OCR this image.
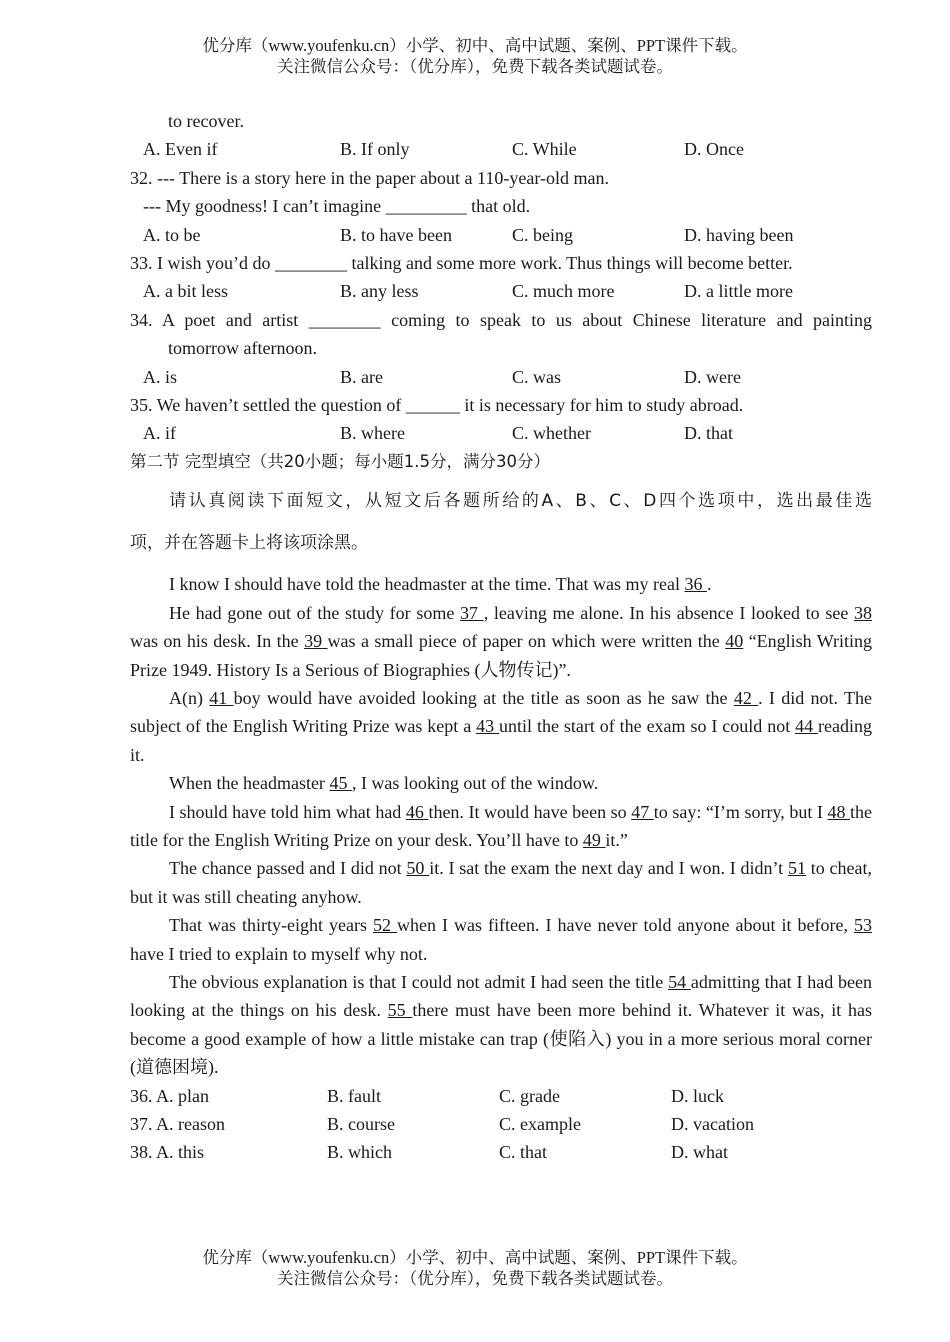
优分库（www.youfenku.cn）小学、初中、高中试题、案例、PPT课件下载。
关注微信公众号：（优分库），免费下载各类试题试卷。
to recover.
A. Even if	B. If only	C. While	D. Once
32. --- There is a story here in the paper about a 110-year-old man.
--- My goodness! I can’t imagine _________ that old.
A. to be	B. to have been	C. being	D. having been
33. I wish you’d do ________ talking and some more work. Thus things will become better.
A. a bit less	B. any less	C. much more	D. a little more
34. A poet and artist ________ coming to speak to us about Chinese literature and painting
tomorrow afternoon.
A. is	B. are	C. was	D. were
35. We haven’t settled the question of ______ it is necessary for him to study abroad.
A. if	B. where	C. whether	D. that
第二节 完型填空（共20小题；每小题1.5分，满分30分）
请认真阅读下面短文，从短文后各题所给的A、B、C、D四个选项中，选出最佳选
项，并在答题卡上将该项涂黑。
I know I should have told the headmaster at the time. That was my real 36 .
He had gone out of the study for some 37 , leaving me alone. In his absence I looked to see 38 was on his desk. In the 39 was a small piece of paper on which were written the 40 “English Writing Prize 1949. History Is a Serious of Biographies (人物传记)”.
A(n) 41 boy would have avoided looking at the title as soon as he saw the 42 . I did not. The subject of the English Writing Prize was kept a 43 until the start of the exam so I could not 44 reading it.
When the headmaster 45 , I was looking out of the window.
I should have told him what had 46 then. It would have been so 47 to say: “I’m sorry, but I 48 the title for the English Writing Prize on your desk. You’ll have to 49 it.”
The chance passed and I did not 50 it. I sat the exam the next day and I won. I didn’t 51 to cheat, but it was still cheating anyhow.
That was thirty-eight years 52 when I was fifteen. I have never told anyone about it before, 53 have I tried to explain to myself why not.
The obvious explanation is that I could not admit I had seen the title 54 admitting that I had been looking at the things on his desk. 55 there must have been more behind it. Whatever it was, it has become a good example of how a little mistake can trap (使陷入) you in a more serious moral corner (道德困境).
36. A. plan	B. fault	C. grade	D. luck
37. A. reason	B. course	C. example	D. vacation
38. A. this	B. which	C. that	D. what
优分库（www.youfenku.cn）小学、初中、高中试题、案例、PPT课件下载。
关注微信公众号：（优分库），免费下载各类试题试卷。
